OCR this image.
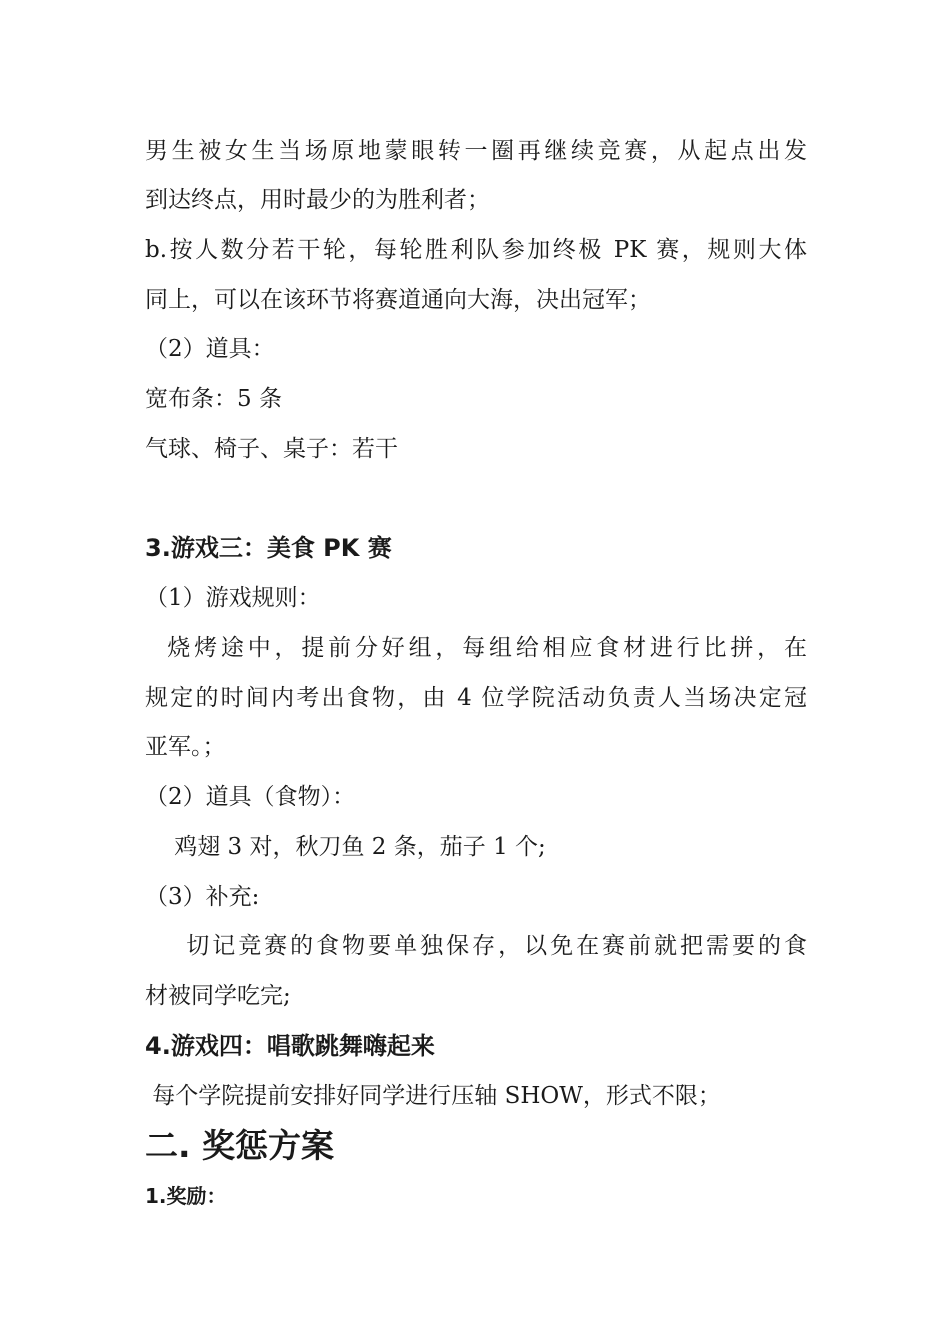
男生被女生当场原地蒙眼转一圈再继续竞赛，从起点出发
到达终点，用时最少的为胜利者；
b.按人数分若干轮，每轮胜利队参加终极 PK 赛，规则大体
同上，可以在该环节将赛道通向大海，决出冠军；
（2）道具：
宽布条：5 条
气球、椅子、桌子：若干
3.游戏三：美食 PK 赛
（1）游戏规则：
烧烤途中，提前分好组，每组给相应食材进行比拼，在
规定的时间内考出食物，由 4 位学院活动负责人当场决定冠
亚军。；
（2）道具（食物）：
鸡翅 3 对，秋刀鱼 2 条，茄子 1 个;
（3）补充:
切记竞赛的食物要单独保存，以免在赛前就把需要的食
材被同学吃完;
4.游戏四：唱歌跳舞嗨起来
每个学院提前安排好同学进行压轴 SHOW，形式不限；
二. 奖惩方案
1.奖励：
